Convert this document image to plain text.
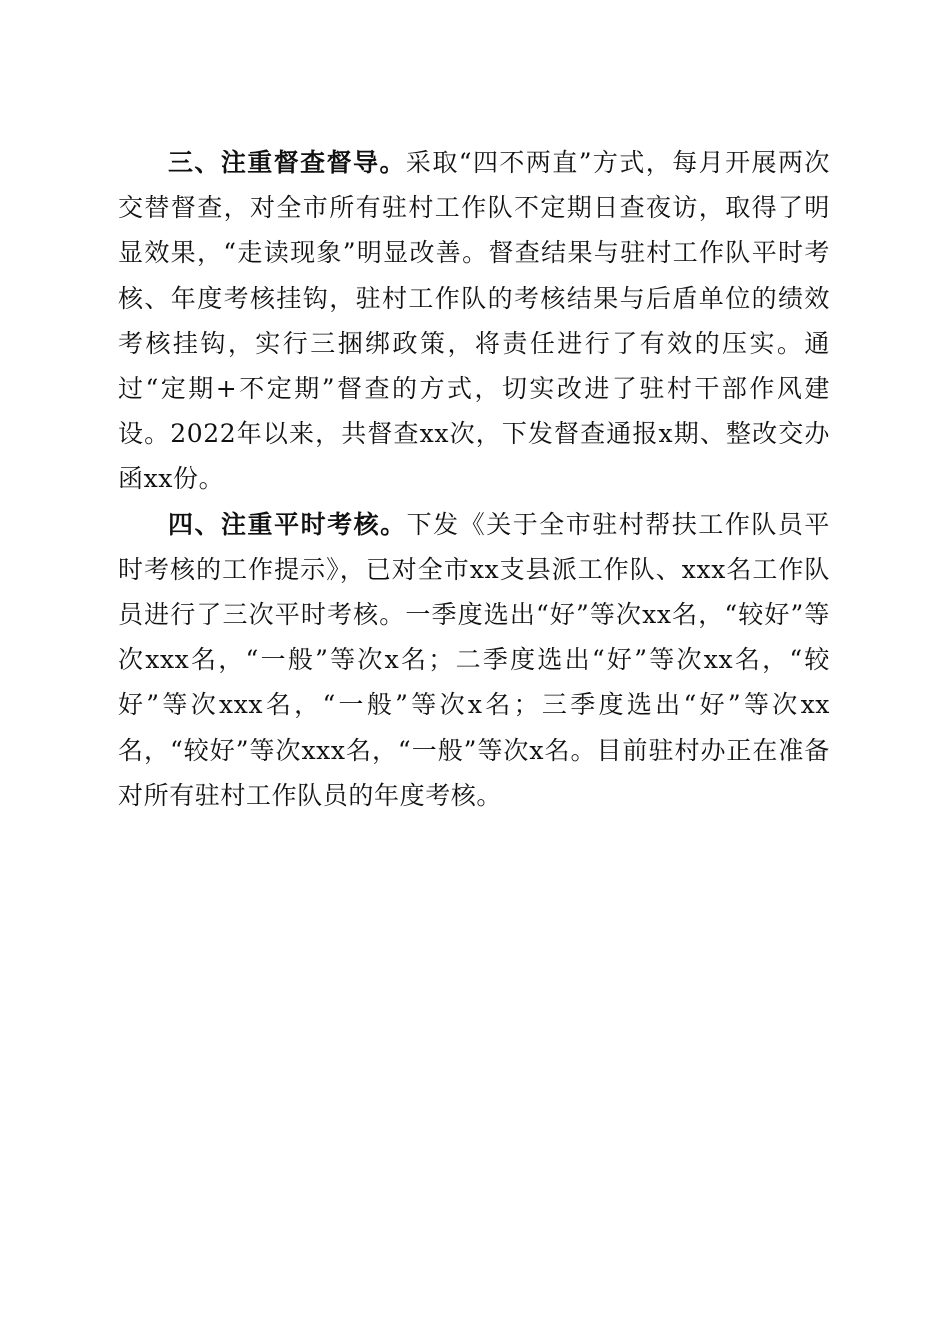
三、注重督查督导。采取“四不两直”方式，每月开展两次交替督查，对全市所有驻村工作队不定期日查夜访，取得了明显效果，“走读现象”明显改善。督查结果与驻村工作队平时考核、年度考核挂钩，驻村工作队的考核结果与后盾单位的绩效考核挂钩，实行三捆绑政策，将责任进行了有效的压实。通过“定期+不定期”督查的方式，切实改进了驻村干部作风建设。2022年以来，共督查xx次，下发督查通报x期、整改交办函xx份。

四、注重平时考核。下发《关于全市驻村帮扶工作队员平时考核的工作提示》，已对全市xx支县派工作队、xxx名工作队员进行了三次平时考核。一季度选出“好”等次xx名，“较好”等次xxx名，“一般”等次x名；二季度选出“好”等次xx名，“较好”等次xxx名，“一般”等次x名；三季度选出“好”等次xx名，“较好”等次xxx名，“一般”等次x名。目前驻村办正在准备对所有驻村工作队员的年度考核。
